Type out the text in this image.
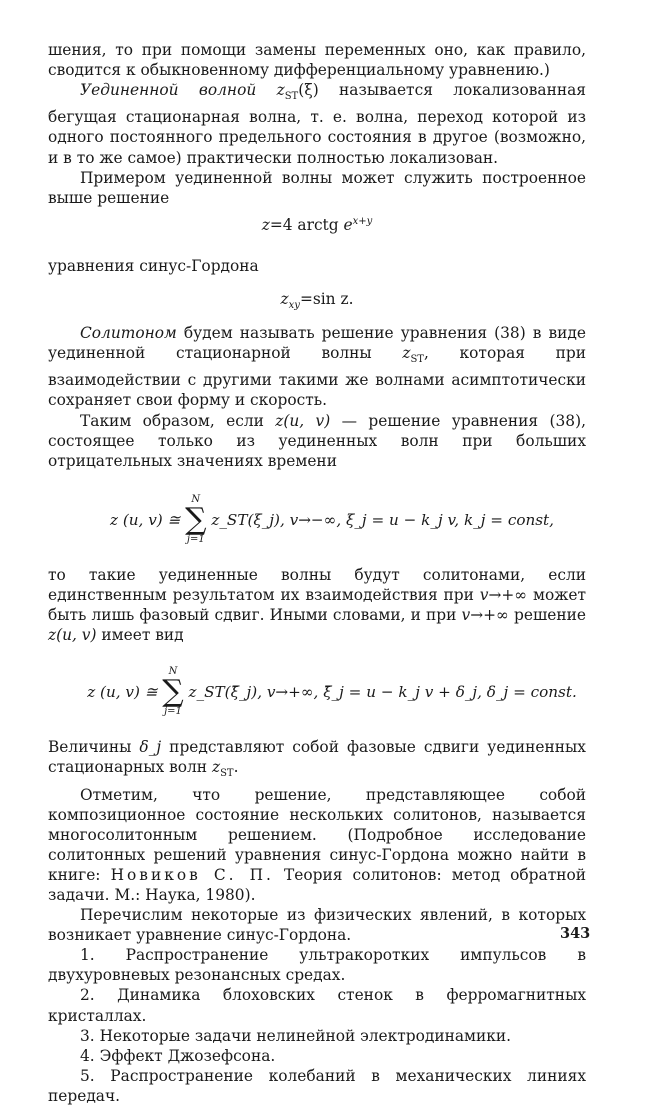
шения, то при помощи замены переменных оно, как правило, сводится к обыкновенному дифференциальному уравнению.)

Уединенной волной $z_{ST}(\xi)$ называется локализованная бегущая стационарная волна, т. е. волна, переход которой из одного постоянного предельного состояния в другое (возможно, и в то же самое) практически полностью локализован.

Примером уединенной волны может служить построенное выше решение

z=4 arctg $e^{x+y}$

уравнения синус-Гордона

$z_{xy}=\sin$ z.

Солитоном будем называть решение уравнения (38) в виде уединенной стационарной волны $z_{ST}$, которая при взаимодействии с другими такими же волнами асимптотически сохраняет свои форму и скорость.

Таким образом, если z(u, v) — решение уравнения (38), состоящее только из уединенных волн при больших отрицательных значениях времени

z (u, v) ≅

N
∑
j=1

z_ST(ξ_j), v→−∞, ξ_j = u − k_j v, k_j = const,

то такие уединенные волны будут солитонами, если единственным результатом их взаимодействия при v→+∞ может быть лишь фазовый сдвиг. Иными словами, и при v→+∞ решение z(u, v) имеет вид

z (u, v) ≅

N
∑
j=1

z_ST(ξ̄_j), v→+∞, ξ̄_j = u − k_j v + δ_j, δ_j = const.

Величины δ_j представляют собой фазовые сдвиги уединенных стационарных волн $z_{ST}$.

Отметим, что решение, представляющее собой композиционное состояние нескольких солитонов, называется многосолитонным решением. (Подробное исследование солитонных решений уравнения синус-Гордона можно найти в книге: Новиков С. П. Теория солитонов: метод обратной задачи. М.: Наука, 1980).

Перечислим некоторые из физических явлений, в которых возникает уравнение синус-Гордона.

1. Распространение ультракоротких импульсов в двухуровневых резонансных средах.

2. Динамика блоховских стенок в ферромагнитных кристаллах.

3. Некоторые задачи нелинейной электродинамики.

4. Эффект Джозефсона.

5. Распространение колебаний в механических линиях передач.

343
